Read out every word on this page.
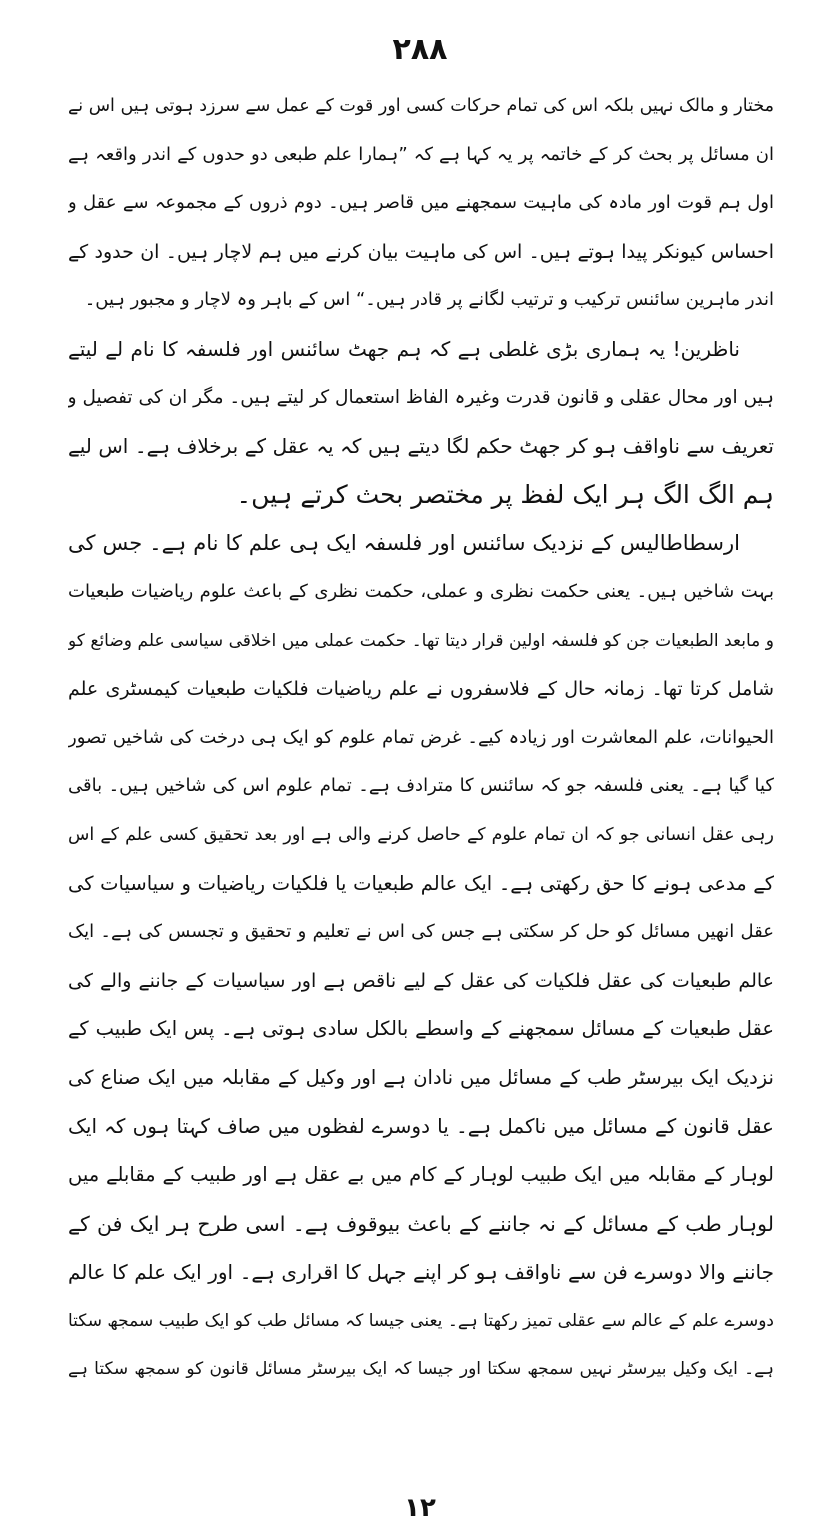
۲۸۸
مختار و مالک نہیں بلکہ اس کی تمام حرکات کسی اور قوت کے عمل سے سرزد ہوتی ہیں اس نے
ان مسائل پر بحث کر کے خاتمہ پر یہ کہا ہے کہ ”ہمارا علم طبعی دو حدوں کے اندر واقعہ ہے
اول ہم قوت اور مادہ کی ماہیت سمجھنے میں قاصر ہیں۔ دوم ذروں کے مجموعہ سے عقل و
احساس کیونکر پیدا ہوتے ہیں۔ اس کی ماہیت بیان کرنے میں ہم لاچار ہیں۔ ان حدود کے
اندر ماہرین سائنس ترکیب و ترتیب لگانے پر قادر ہیں۔“ اس کے باہر وہ لاچار و مجبور ہیں۔
ناظرین! یہ ہماری بڑی غلطی ہے کہ ہم جھٹ سائنس اور فلسفہ کا نام لے لیتے
ہیں اور محال عقلی و قانون قدرت وغیرہ الفاظ استعمال کر لیتے ہیں۔ مگر ان کی تفصیل و
تعریف سے ناواقف ہو کر جھٹ حکم لگا دیتے ہیں کہ یہ عقل کے برخلاف ہے۔ اس لیے
ہم الگ الگ ہر ایک لفظ پر مختصر بحث کرتے ہیں۔
ارسطاطالیس کے نزدیک سائنس اور فلسفہ ایک ہی علم کا نام ہے۔ جس کی
بہت شاخیں ہیں۔ یعنی حکمت نظری و عملی، حکمت نظری کے باعث علوم ریاضیات طبعیات
و مابعد الطبعیات جن کو فلسفہ اولین قرار دیتا تھا۔ حکمت عملی میں اخلاقی سیاسی علم وضائع کو
شامل کرتا تھا۔ زمانہ حال کے فلاسفروں نے علم ریاضیات فلکیات طبعیات کیمسٹری علم
الحیوانات، علم المعاشرت اور زیادہ کیے۔ غرض تمام علوم کو ایک ہی درخت کی شاخیں تصور
کیا گیا ہے۔ یعنی فلسفہ جو کہ سائنس کا مترادف ہے۔ تمام علوم اس کی شاخیں ہیں۔ باقی
رہی عقل انسانی جو کہ ان تمام علوم کے حاصل کرنے والی ہے اور بعد تحقیق کسی علم کے اس
کے مدعی ہونے کا حق رکھتی ہے۔ ایک عالم طبعیات یا فلکیات ریاضیات و سیاسیات کی
عقل انھیں مسائل کو حل کر سکتی ہے جس کی اس نے تعلیم و تحقیق و تجسس کی ہے۔ ایک
عالم طبعیات کی عقل فلکیات کی عقل کے لیے ناقص ہے اور سیاسیات کے جاننے والے کی
عقل طبعیات کے مسائل سمجھنے کے واسطے بالکل سادی ہوتی ہے۔ پس ایک طبیب کے
نزدیک ایک بیرسٹر طب کے مسائل میں نادان ہے اور وکیل کے مقابلہ میں ایک صناع کی
عقل قانون کے مسائل میں ناکمل ہے۔ یا دوسرے لفظوں میں صاف کہتا ہوں کہ ایک
لوہار کے مقابلہ میں ایک طبیب لوہار کے کام میں بے عقل ہے اور طبیب کے مقابلے میں
لوہار طب کے مسائل کے نہ جاننے کے باعث بیوقوف ہے۔ اسی طرح ہر ایک فن کے
جاننے والا دوسرے فن سے ناواقف ہو کر اپنے جہل کا اقراری ہے۔ اور ایک علم کا عالم
دوسرے علم کے عالم سے عقلی تمیز رکھتا ہے۔ یعنی جیسا کہ مسائل طب کو ایک طبیب سمجھ سکتا
ہے۔ ایک وکیل بیرسٹر نہیں سمجھ سکتا اور جیسا کہ ایک بیرسٹر مسائل قانون کو سمجھ سکتا ہے
۱۲
